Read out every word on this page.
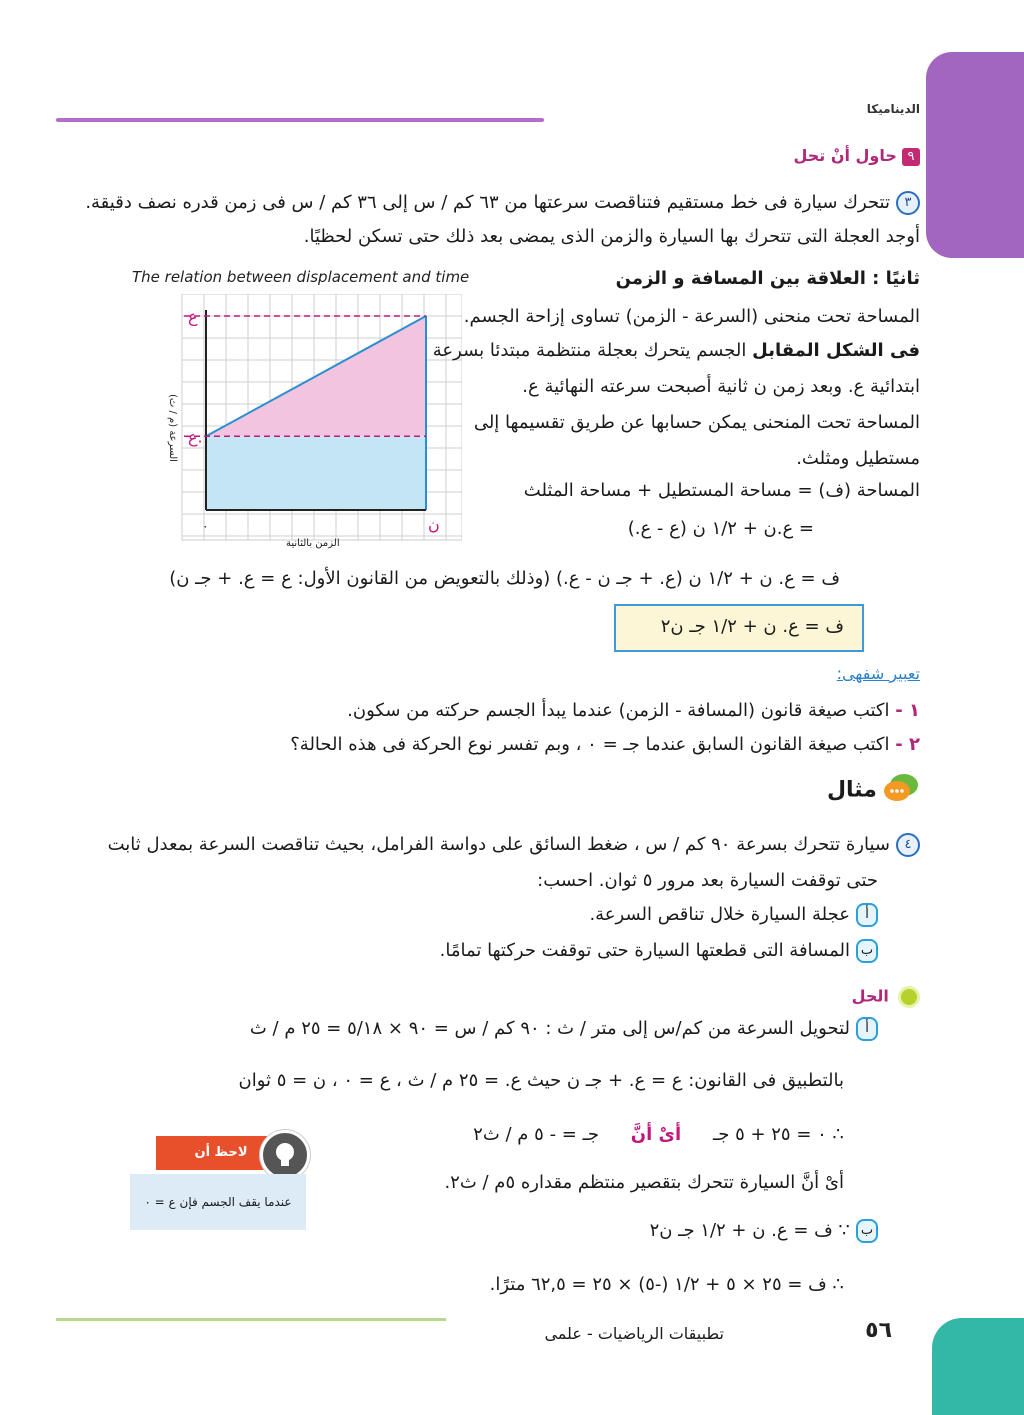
الديناميكا
٩ حاول أنْ تحل
٣تتحرك سيارة فى خط مستقيم فتناقصت سرعتها من ٦٣ كم / س إلى ٣٦ كم / س فى زمن قدره نصف دقيقة.
أوجد العجلة التى تتحرك بها السيارة والزمن الذى يمضى بعد ذلك حتى تسكن لحظيًا.
The relation between displacement and time
ع
ع.
٠	ن
الزمن بالثانية
السرعة (م / ث)
ثانيًا : العلاقة بين المسافة و الزمن
المساحة تحت منحنى (السرعة - الزمن) تساوى إزاحة الجسم.
فى الشكل المقابل الجسم يتحرك بعجلة منتظمة مبتدئا بسرعة
ابتدائية ع. وبعد زمن ن ثانية أصبحت سرعته النهائية ع.
المساحة تحت المنحنى يمكن حسابها عن طريق تقسيمها إلى
مستطيل ومثلث.
المساحة (ف) = مساحة المستطيل + مساحة المثلث
= ع.ن + ١/٢ ن (ع - ع.)
ف = ع. ن + ١/٢ ن (ع. + جـ ن - ع.) (وذلك بالتعويض من القانون الأول: ع = ع. + جـ ن)
ف = ع. ن + ١/٢ جـ ن٢
تعبير شفهى:
١ - اكتب صيغة قانون (المسافة - الزمن) عندما يبدأ الجسم حركته من سكون.
٢ - اكتب صيغة القانون السابق عندما جـ = ٠ ، وبم تفسر نوع الحركة فى هذه الحالة؟
مثال
٤سيارة تتحرك بسرعة ٩٠ كم / س ، ضغط السائق على دواسة الفرامل، بحيث تناقصت السرعة بمعدل ثابت
حتى توقفت السيارة بعد مرور ٥ ثوان. احسب:
أعجلة السيارة خلال تناقص السرعة.
بالمسافة التى قطعتها السيارة حتى توقفت حركتها تمامًا.
الحل
ألتحويل السرعة من كم/س إلى متر / ث : ٩٠ كم / س = ٩٠ × ٥/١٨ = ٢٥ م / ث
بالتطبيق فى القانون: ع = ع. + جـ ن حيث ع. = ٢٥ م / ث ، ع = ٠ ، ن = ٥ ثوان
∴ ٠ = ٢٥ + ٥ جـ أىْ أنَّ جـ = - ٥ م / ث٢
أىْ أنَّ السيارة تتحرك بتقصير منتظم مقداره ٥م / ث٢.
ب∵ ف = ع. ن + ١/٢ جـ ن٢
∴ ف = ٢٥ × ٥ + ١/٢ (-٥) × ٢٥ = ٦٢,٥ مترًا.
لاحظ أن
عندما يقف الجسم فإن ع = ٠
تطبيقات الرياضيات - علمى	٥٦
